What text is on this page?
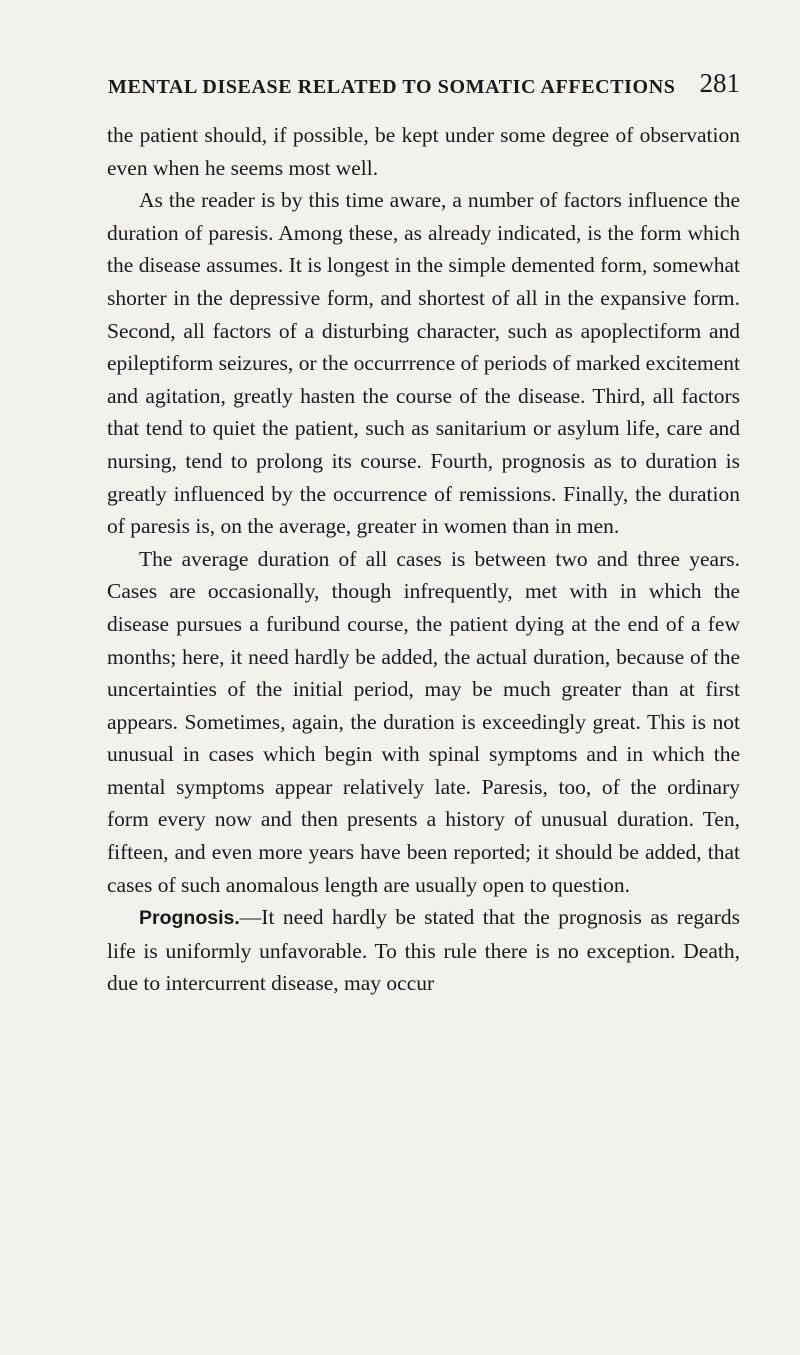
MENTAL DISEASE RELATED TO SOMATIC AFFECTIONS 281

the patient should, if possible, be kept under some degree of observation even when he seems most well.

As the reader is by this time aware, a number of factors influence the duration of paresis. Among these, as already indicated, is the form which the disease assumes. It is longest in the simple demented form, somewhat shorter in the depressive form, and shortest of all in the expansive form. Second, all factors of a disturbing character, such as apoplectiform and epileptiform seizures, or the occurrrence of periods of marked excitement and agitation, greatly hasten the course of the disease. Third, all factors that tend to quiet the patient, such as sanitarium or asylum life, care and nursing, tend to prolong its course. Fourth, prognosis as to duration is greatly influenced by the occurrence of remissions. Finally, the duration of paresis is, on the average, greater in women than in men.

The average duration of all cases is between two and three years. Cases are occasionally, though infrequently, met with in which the disease pursues a furibund course, the patient dying at the end of a few months; here, it need hardly be added, the actual duration, because of the uncertainties of the initial period, may be much greater than at first appears. Sometimes, again, the duration is exceedingly great. This is not unusual in cases which begin with spinal symptoms and in which the mental symptoms appear relatively late. Paresis, too, of the ordinary form every now and then presents a history of unusual duration. Ten, fifteen, and even more years have been reported; it should be added, that cases of such anomalous length are usually open to question.

Prognosis.—It need hardly be stated that the prognosis as regards life is uniformly unfavorable. To this rule there is no exception. Death, due to intercurrent disease, may occur
